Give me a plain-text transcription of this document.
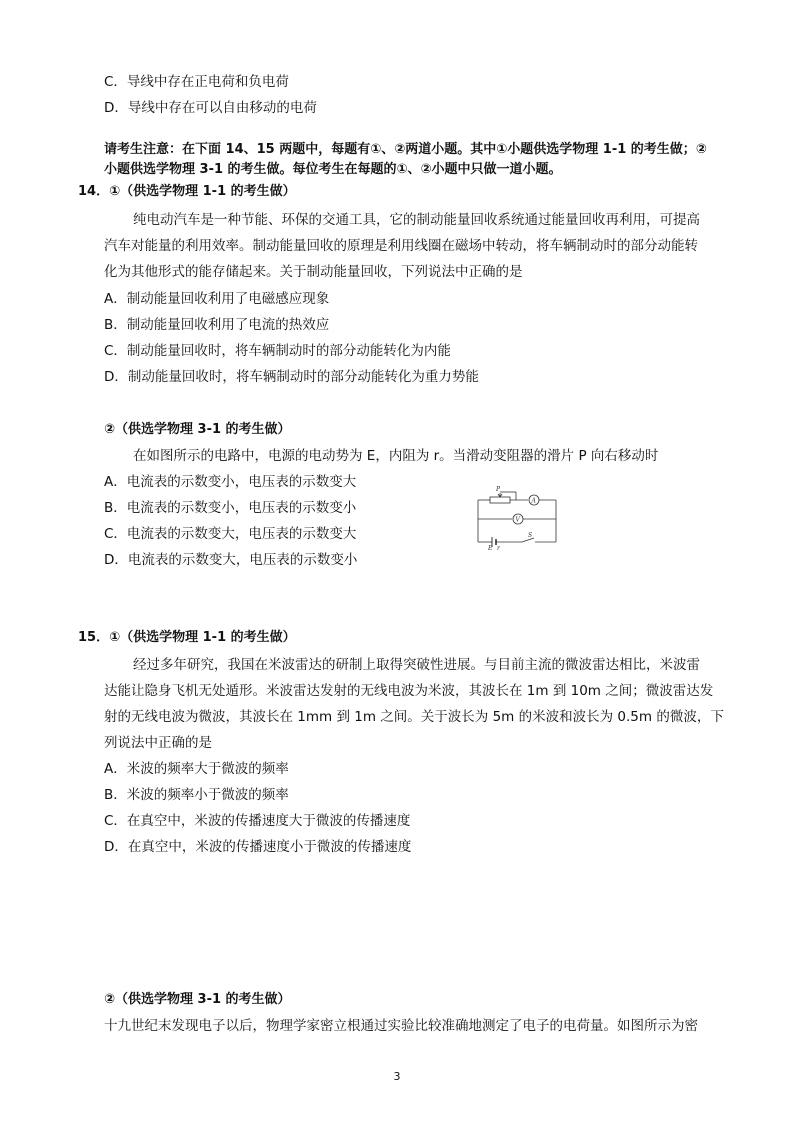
C．导线中存在正电荷和负电荷
D．导线中存在可以自由移动的电荷
请考生注意：在下面 14、15 两题中，每题有①、②两道小题。其中①小题供选学物理 1-1 的考生做；②
小题供选学物理 3-1 的考生做。每位考生在每题的①、②小题中只做一道小题。
14．①（供选学物理 1-1 的考生做）
纯电动汽车是一种节能、环保的交通工具，它的制动能量回收系统通过能量回收再利用，可提高
汽车对能量的利用效率。制动能量回收的原理是利用线圈在磁场中转动，将车辆制动时的部分动能转
化为其他形式的能存储起来。关于制动能量回收，下列说法中正确的是
A．制动能量回收利用了电磁感应现象
B．制动能量回收利用了电流的热效应
C．制动能量回收时，将车辆制动时的部分动能转化为内能
D．制动能量回收时，将车辆制动时的部分动能转化为重力势能
②（供选学物理 3-1 的考生做）
在如图所示的电路中，电源的电动势为 E，内阻为 r。当滑动变阻器的滑片 P 向右移动时
A．电流表的示数变小，电压表的示数变大
B．电流表的示数变小，电压表的示数变小
C．电流表的示数变大，电压表的示数变大
D．电流表的示数变大，电压表的示数变小
P
A
V
E r
S
15．①（供选学物理 1-1 的考生做）
经过多年研究，我国在米波雷达的研制上取得突破性进展。与目前主流的微波雷达相比，米波雷
达能让隐身飞机无处遁形。米波雷达发射的无线电波为米波，其波长在 1m 到 10m 之间；微波雷达发
射的无线电波为微波，其波长在 1mm 到 1m 之间。关于波长为 5m 的米波和波长为 0.5m 的微波，下
列说法中正确的是
A．米波的频率大于微波的频率
B．米波的频率小于微波的频率
C．在真空中，米波的传播速度大于微波的传播速度
D．在真空中，米波的传播速度小于微波的传播速度
②（供选学物理 3-1 的考生做）
十九世纪末发现电子以后，物理学家密立根通过实验比较准确地测定了电子的电荷量。如图所示为密
3
